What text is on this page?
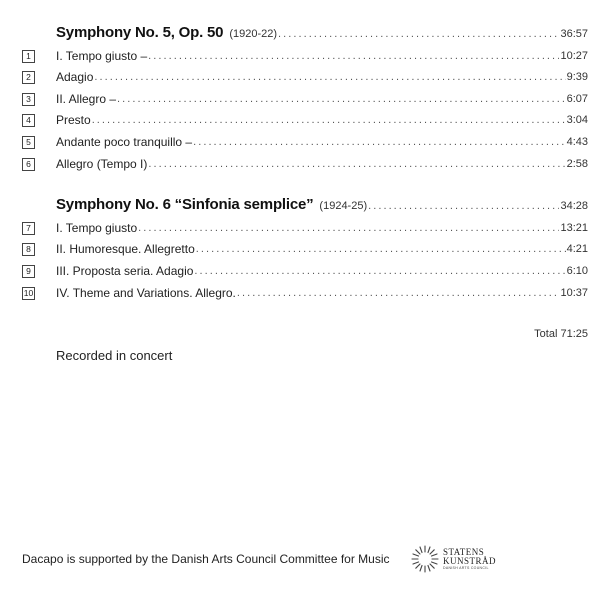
Symphony No. 5, Op. 50 (1920-22) . . .	36:57
1	I. Tempo giusto – . . .	10:27
2	Adagio . . .	9:39
3	II. Allegro – . . .	6:07
4	Presto . . .	3:04
5	Andante poco tranquillo – . . .	4:43
6	Allegro (Tempo I) . . .	2:58
Symphony No. 6 “Sinfonia semplice” (1924-25) . . .	34:28
7	I. Tempo giusto . . .	13:21
8	II. Humoresque. Allegretto . . .	4:21
9	III. Proposta seria. Adagio . . .	6:10
10 IV. Theme and Variations. Allegro. . . .	10:37
Total 71:25
Recorded in concert
Dacapo is supported by the Danish Arts Council Committee for Music
STATENS
KUNSTRÅD
DANISH ARTS COUNCIL
